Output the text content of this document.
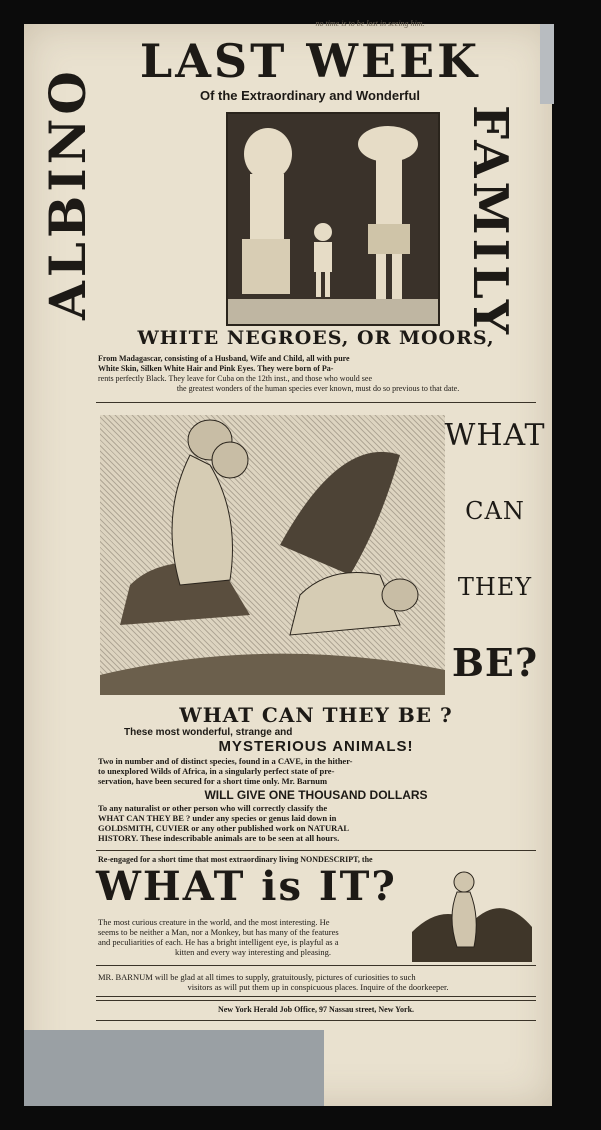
no time is to be lost in seeing him.
LAST WEEK
Of the Extraordinary and Wonderful
ALBINO	FAMILY
WHITE NEGROES, OR MOORS,
From Madagascar, consisting of a Husband, Wife and Child, all with pure
White Skin, Silken White Hair and Pink Eyes. They were born of Pa-
rents perfectly Black. They leave for Cuba on the 12th inst., and those who would see
the greatest wonders of the human species ever known, must do so previous to that date.
WHAT
CAN
THEY
BE?
WHAT CAN THEY BE ?
These most wonderful, strange and
MYSTERIOUS ANIMALS!
Two in number and of distinct species, found in a CAVE, in the hither-
to unexplored Wilds of Africa, in a singularly perfect state of pre-
servation, have been secured for a short time only. Mr. Barnum
WILL GIVE ONE THOUSAND DOLLARS
To any naturalist or other person who will correctly classify the
WHAT CAN THEY BE ? under any species or genus laid down in
GOLDSMITH, CUVIER or any other published work on NATURAL
HISTORY. These indescribable animals are to be seen at all hours.
Re-engaged for a short time that most extraordinary living NONDESCRIPT, the
WHAT is IT?
The most curious creature in the world, and the most interesting. He
seems to be neither a Man, nor a Monkey, but has many of the features
and peculiarities of each. He has a bright intelligent eye, is playful as a
kitten and every way interesting and pleasing.
MR. BARNUM will be glad at all times to supply, gratuitously, pictures of curiosities to such
visitors as will put them up in conspicuous places. Inquire of the doorkeeper.
New York Herald Job Office, 97 Nassau street, New York.
